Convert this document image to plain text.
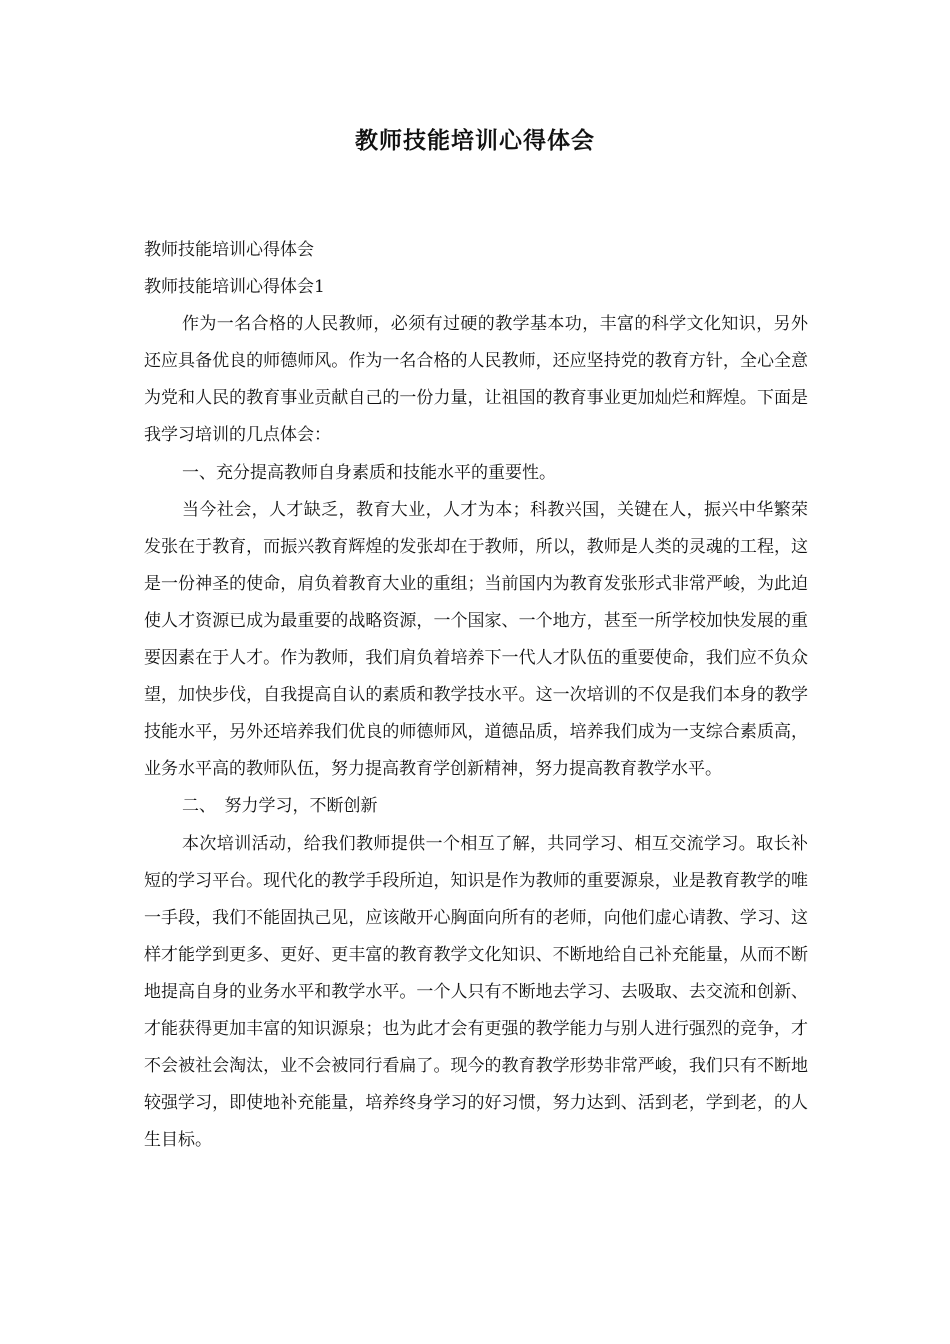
教师技能培训心得体会

教师技能培训心得体会

教师技能培训心得体会1

作为一名合格的人民教师，必须有过硬的教学基本功，丰富的科学文化知识，另外还应具备优良的师德师风。作为一名合格的人民教师，还应坚持党的教育方针，全心全意为党和人民的教育事业贡献自己的一份力量，让祖国的教育事业更加灿烂和辉煌。下面是我学习培训的几点体会：

一、充分提高教师自身素质和技能水平的重要性。

当今社会，人才缺乏，教育大业，人才为本；科教兴国，关键在人，振兴中华繁荣发张在于教育，而振兴教育辉煌的发张却在于教师，所以，教师是人类的灵魂的工程，这是一份神圣的使命，肩负着教育大业的重组；当前国内为教育发张形式非常严峻，为此迫使人才资源已成为最重要的战略资源，一个国家、一个地方，甚至一所学校加快发展的重要因素在于人才。作为教师，我们肩负着培养下一代人才队伍的重要使命，我们应不负众望，加快步伐，自我提高自认的素质和教学技水平。这一次培训的不仅是我们本身的教学技能水平，另外还培养我们优良的师德师风，道德品质，培养我们成为一支综合素质高，业务水平高的教师队伍，努力提高教育学创新精神，努力提高教育教学水平。

二、　努力学习，不断创新

本次培训活动，给我们教师提供一个相互了解，共同学习、相互交流学习。取长补短的学习平台。现代化的教学手段所迫，知识是作为教师的重要源泉，业是教育教学的唯一手段，我们不能固执己见，应该敞开心胸面向所有的老师，向他们虚心请教、学习、这样才能学到更多、更好、更丰富的教育教学文化知识、不断地给自己补充能量，从而不断地提高自身的业务水平和教学水平。一个人只有不断地去学习、去吸取、去交流和创新、才能获得更加丰富的知识源泉；也为此才会有更强的教学能力与别人进行强烈的竞争，才不会被社会淘汰，业不会被同行看扁了。现今的教育教学形势非常严峻，我们只有不断地较强学习，即使地补充能量，培养终身学习的好习惯，努力达到、活到老，学到老，的人生目标。
